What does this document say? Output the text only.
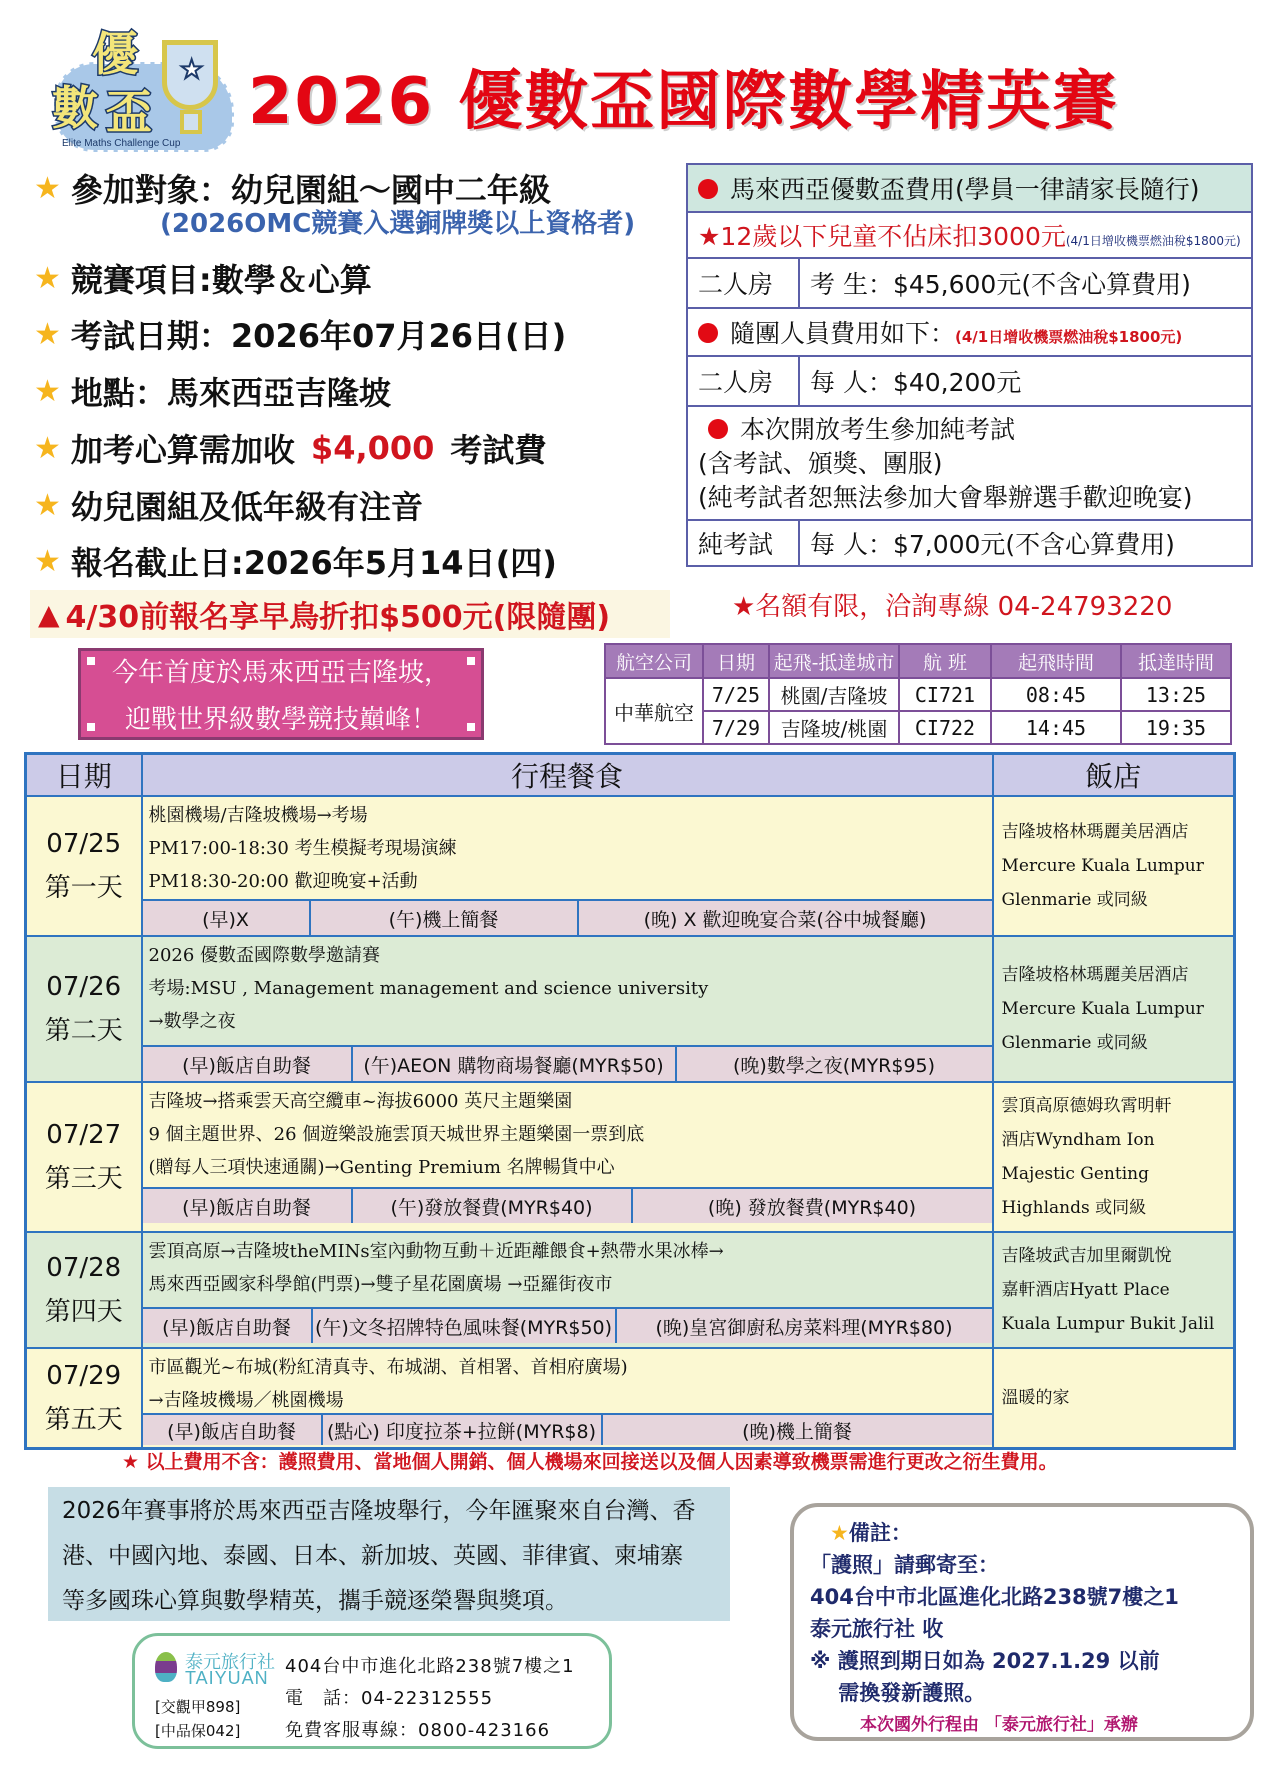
優
數 盃
★
Elite Maths Challenge Cup
2026 優數盃國際數學精英賽
★ 參加對象：幼兒園組～國中二年級
(2026OMC競賽入選銅牌獎以上資格者)
★ 競賽項目:數學＆心算
★ 考試日期：2026年07月26日(日)
★ 地點：馬來西亞吉隆坡
★ 加考心算需加收 $4,000 考試費
★ 幼兒園組及低年級有注音
★ 報名截止日:2026年5月14日(四)
▲ 4/30前報名享早鳥折扣$500元(限隨團)
今年首度於馬來西亞吉隆坡，
迎戰世界級數學競技巔峰！
馬來西亞優數盃費用(學員一律請家長隨行)	
★12歲以下兒童不佔床扣3000元(4/1日增收機票燃油稅$1800元)	
二人房	考 生：$45,600元(不含心算費用)
隨團人員費用如下：(4/1日增收機票燃油稅$1800元)	
二人房	每 人：$40,200元

本次開放考生參加純考試
(含考試、頒獎、團服)
(純考試者恕無法參加大會舉辦選手歡迎晚宴)	

純考試	每 人：$7,000元(不含心算費用)
★名額有限，洽詢專線 04-24793220
航空公司	日期	起飛-抵達城市	航 班	起飛時間	抵達時間
中華航空	7/25	桃園/吉隆坡	CI721	08:45	13:25
	7/29	吉隆坡/桃園	CI722	14:45	19:35
日期	行程餐食	飯店

07/25
第一天

桃園機場/吉隆坡機場→考場
PM17:00-18:30 考生模擬考現場演練
PM18:30-20:00 歡迎晚宴+活動
(早)X	(午)機上簡餐	(晚) X 歡迎晚宴合菜(谷中城餐廳)

吉隆坡格林瑪麗美居酒店
Mercure Kuala Lumpur
Glenmarie 或同級

07/26
第二天

2026 優數盃國際數學邀請賽
考場:MSU , Management management and science university
→數學之夜
(早)飯店自助餐	(午)AEON 購物商場餐廳(MYR$50)	(晚)數學之夜(MYR$95)

吉隆坡格林瑪麗美居酒店
Mercure Kuala Lumpur
Glenmarie 或同級

07/27
第三天

吉隆坡→搭乘雲天高空纜車~海拔6000 英尺主題樂園
9 個主題世界、26 個遊樂設施雲頂天城世界主題樂園一票到底
(贈每人三項快速通關)→Genting Premium 名牌暢貨中心
(早)飯店自助餐	(午)發放餐費(MYR$40)	(晚) 發放餐費(MYR$40)

雲頂高原德姆玖霄明軒
酒店Wyndham Ion
Majestic Genting
Highlands 或同級

07/28
第四天

雲頂高原→吉隆坡theMINs室內動物互動＋近距離餵食+熱帶水果冰棒→
馬來西亞國家科學館(門票)→雙子星花園廣場 →亞羅街夜市
(早)飯店自助餐	(午)文冬招牌特色風味餐(MYR$50)	(晚)皇宮御廚私房菜料理(MYR$80)

吉隆坡武吉加里爾凱悅
嘉軒酒店Hyatt Place
Kuala Lumpur Bukit Jalil

07/29
第五天

市區觀光~布城(粉紅清真寺、布城湖、首相署、首相府廣場)
→吉隆坡機場／桃園機場
(早)飯店自助餐	(點心) 印度拉茶+拉餅(MYR$8)	(晚)機上簡餐

溫暖的家
★ 以上費用不含：護照費用、當地個人開銷、個人機場來回接送以及個人因素導致機票需進行更改之衍生費用。
2026年賽事將於馬來西亞吉隆坡舉行，今年匯聚來自台灣、香
港、中國內地、泰國、日本、新加坡、英國、菲律賓、柬埔寨
等多國珠心算與數學精英，攜手競逐榮譽與獎項。
泰元旅行社
TAIYUAN
[交觀甲898]
[中品保042]
404台中市進化北路238號7樓之1
電　話：04-22312555
免費客服專線：0800-423166
★備註：
「護照」請郵寄至：
404台中市北區進化北路238號7樓之1
泰元旅行社 收
※ 護照到期日如為 2027.1.29 以前
　 需換發新護照。
本次國外行程由 「泰元旅行社」承辦
